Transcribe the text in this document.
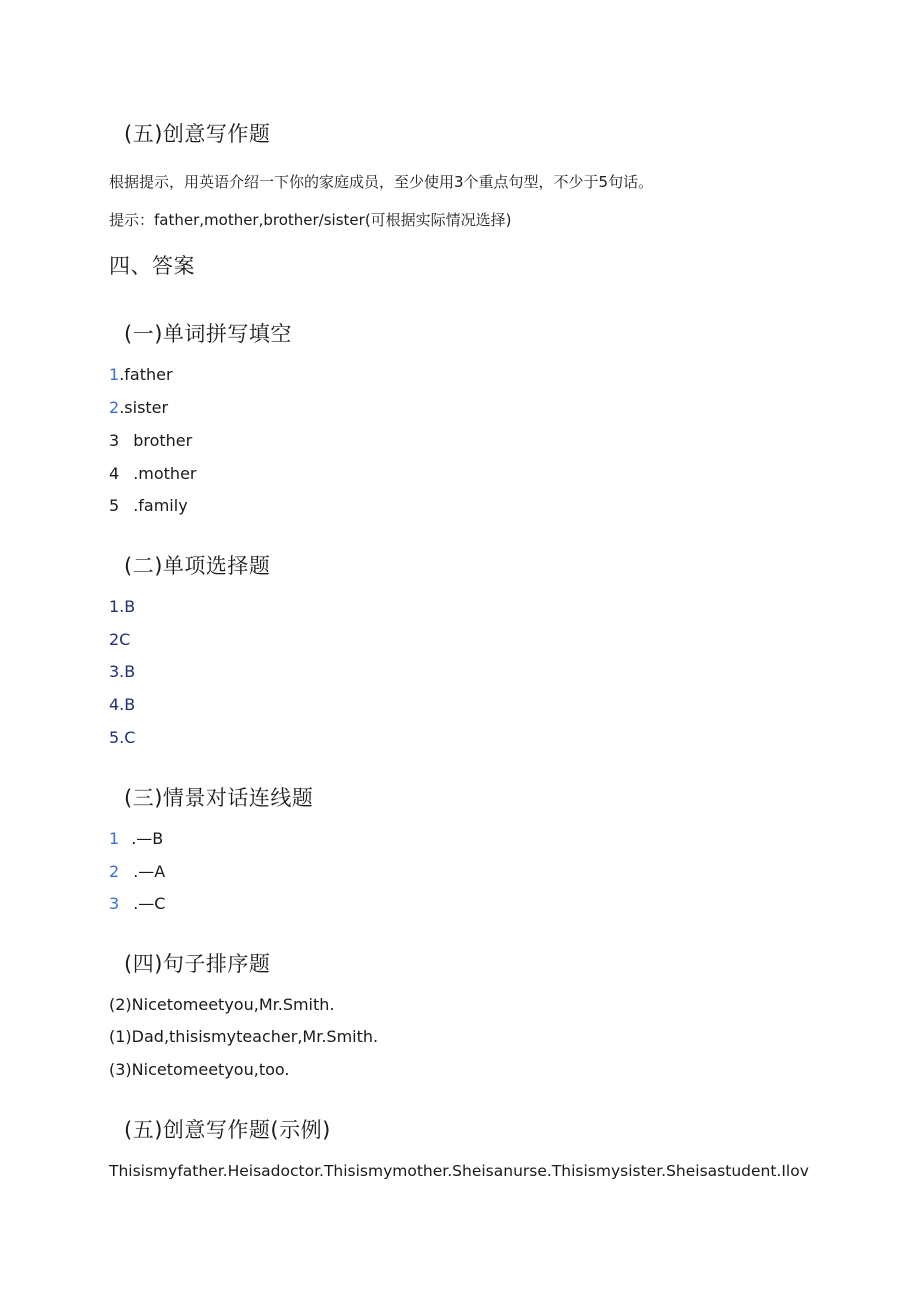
(五)创意写作题
根据提示，用英语介绍一下你的家庭成员，至少使用3个重点句型，不少于5句话。
提示：father,mother,brother/sister(可根据实际情况选择)
四、答案
(一)单词拼写填空
1.father
2.sister
3 brother
4 .mother
5 .family
(二)单项选择题
1.B
2C
3.B
4.B
5.C
(三)情景对话连线题
1 .—B
2 .—A
3 .—C
(四)句子排序题
(2)Nicetomeetyou,Mr.Smith.
(1)Dad,thisismyteacher,Mr.Smith.
(3)Nicetomeetyou,too.
(五)创意写作题(示例)
Thisismyfather.Heisadoctor.Thisismymother.Sheisanurse.Thisismysister.Sheisastudent.Ilov
